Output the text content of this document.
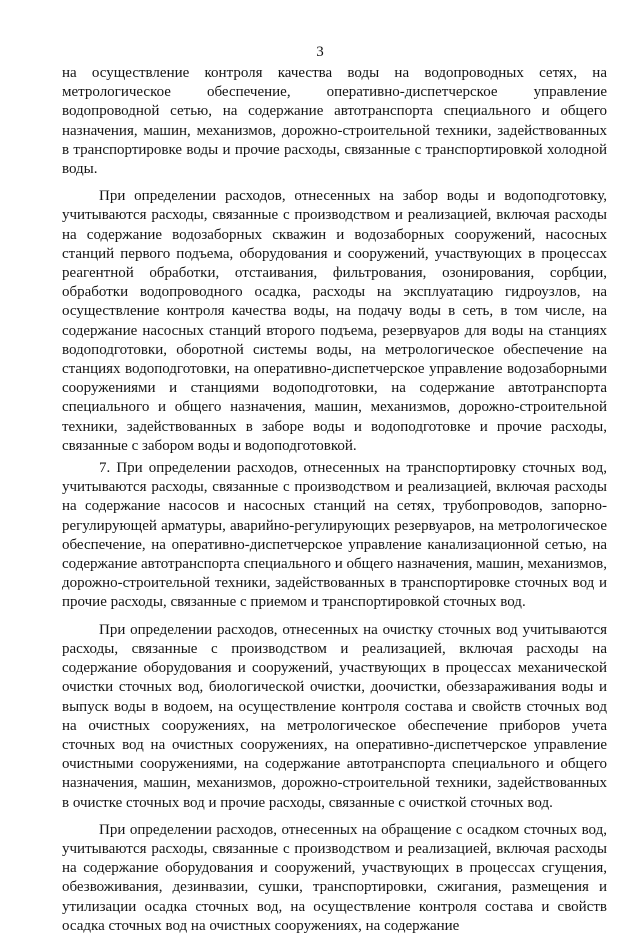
3

на осуществление контроля качества воды на водопроводных сетях, на метрологическое обеспечение, оперативно-диспетчерское управление водопроводной сетью, на содержание автотранспорта специального и общего назначения, машин, механизмов, дорожно-строительной техники, задействованных в транспортировке воды и прочие расходы, связанные с транспортировкой холодной воды.

При определении расходов, отнесенных на забор воды и водоподготовку, учитываются расходы, связанные с производством и реализацией, включая расходы на содержание водозаборных скважин и водозаборных сооружений, насосных станций первого подъема, оборудования и сооружений, участвующих в процессах реагентной обработки, отстаивания, фильтрования, озонирования, сорбции, обработки водопроводного осадка, расходы на эксплуатацию гидроузлов, на осуществление контроля качества воды, на подачу воды в сеть, в том числе, на содержание насосных станций второго подъема, резервуаров для воды на станциях водоподготовки, оборотной системы воды, на метрологическое обеспечение на станциях водоподготовки, на оперативно-диспетчерское управление водозаборными сооружениями и станциями водоподготовки, на содержание автотранспорта специального и общего назначения, машин, механизмов, дорожно-строительной техники, задействованных в заборе воды и водоподготовке и прочие расходы, связанные с забором воды и водоподготовкой.

7. При определении расходов, отнесенных на транспортировку сточных вод, учитываются расходы, связанные с производством и реализацией, включая расходы на содержание насосов и насосных станций на сетях, трубопроводов, запорно-регулирующей арматуры, аварийно-регулирующих резервуаров, на метрологическое обеспечение, на оперативно-диспетчерское управление канализационной сетью, на содержание автотранспорта специального и общего назначения, машин, механизмов, дорожно-строительной техники, задействованных в транспортировке сточных вод и прочие расходы, связанные с приемом и транспортировкой сточных вод.

При определении расходов, отнесенных на очистку сточных вод учитываются расходы, связанные с производством и реализацией, включая расходы на содержание оборудования и сооружений, участвующих в процессах механической очистки сточных вод, биологической очистки, доочистки, обеззараживания воды и выпуск воды в водоем, на осуществление контроля состава и свойств сточных вод на очистных сооружениях, на метрологическое обеспечение приборов учета сточных вод на очистных сооружениях, на оперативно-диспетчерское управление очистными сооружениями, на содержание автотранспорта специального и общего назначения, машин, механизмов, дорожно-строительной техники, задействованных в очистке сточных вод и прочие расходы, связанные с очисткой сточных вод.

При определении расходов, отнесенных на обращение с осадком сточных вод, учитываются расходы, связанные с производством и реализацией, включая расходы на содержание оборудования и сооружений, участвующих в процессах сгущения, обезвоживания, дезинвазии, сушки, транспортировки, сжигания, размещения и утилизации осадка сточных вод, на осуществление контроля состава и свойств осадка сточных вод на очистных сооружениях, на содержание
